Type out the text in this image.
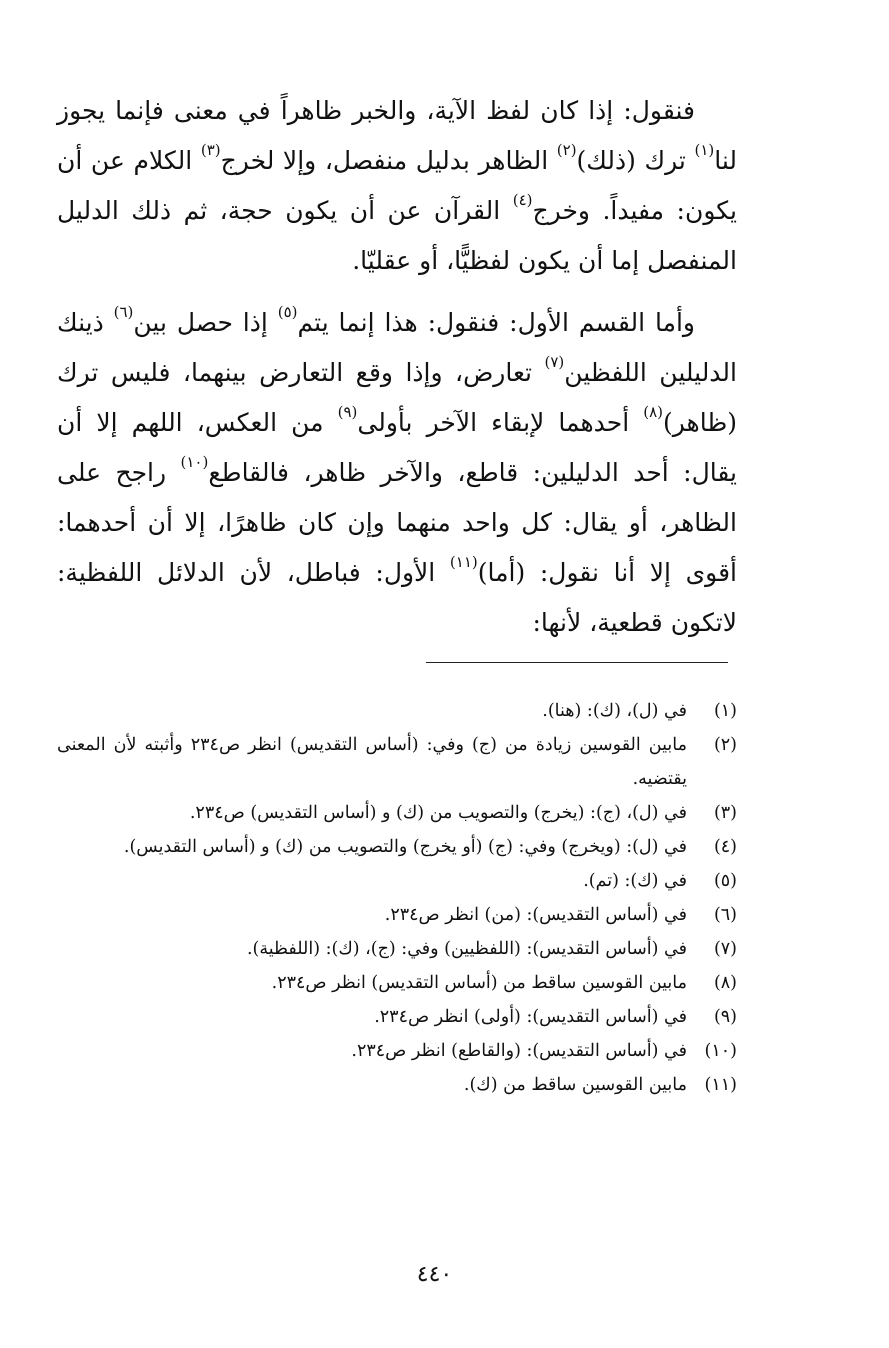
فنقول: إذا كان لفظ الآية، والخبر ظاهراً في معنى فإنما يجوز لنا$^{(١)}$ ترك (ذلك)$^{(٢)}$ الظاهر بدليل منفصل، وإلا لخرج$^{(٣)}$ الكلام عن أن يكون: مفيداً. وخرج$^{(٤)}$ القرآن عن أن يكون حجة، ثم ذلك الدليل المنفصل إما أن يكون لفظيًّا، أو عقليّا.

وأما القسم الأول: فنقول: هذا إنما يتم$^{(٥)}$ إذا حصل بين$^{(٦)}$ ذينك الدليلين اللفظين$^{(٧)}$ تعارض، وإذا وقع التعارض بينهما، فليس ترك (ظاهر)$^{(٨)}$ أحدهما لإبقاء الآخر بأولى$^{(٩)}$ من العكس، اللهم إلا أن يقال: أحد الدليلين: قاطع، والآخر ظاهر، فالقاطع$^{(١٠)}$ راجح على الظاهر، أو يقال: كل واحد منهما وإن كان ظاهرًا، إلا أن أحدهما: أقوى إلا أنا نقول: (أما)$^{(١١)}$ الأول: فباطل، لأن الدلائل اللفظية: لاتكون قطعية، لأنها:

(١)
في (ل)، (ك): (هنا).
(٢)
مابين القوسين زيادة من (ج) وفي: (أساس التقديس) انظر ص٢٣٤ وأثبته لأن المعنى يقتضيه.
(٣)
في (ل)، (ج): (يخرج) والتصويب من (ك) و (أساس التقديس) ص٢٣٤.
(٤)
في (ل): (ويخرج) وفي: (ج) (أو يخرج) والتصويب من (ك) و (أساس التقديس).
(٥)
في (ك): (تم).
(٦)
في (أساس التقديس): (من) انظر ص٢٣٤.
(٧)
في (أساس التقديس): (اللفظيين) وفي: (ج)، (ك): (اللفظية).
(٨)
مابين القوسين ساقط من (أساس التقديس) انظر ص٢٣٤.
(٩)
في (أساس التقديس): (أولى) انظر ص٢٣٤.
(١٠)
في (أساس التقديس): (والقاطع) انظر ص٢٣٤.
(١١)
مابين القوسين ساقط من (ك).
٤٤٠
